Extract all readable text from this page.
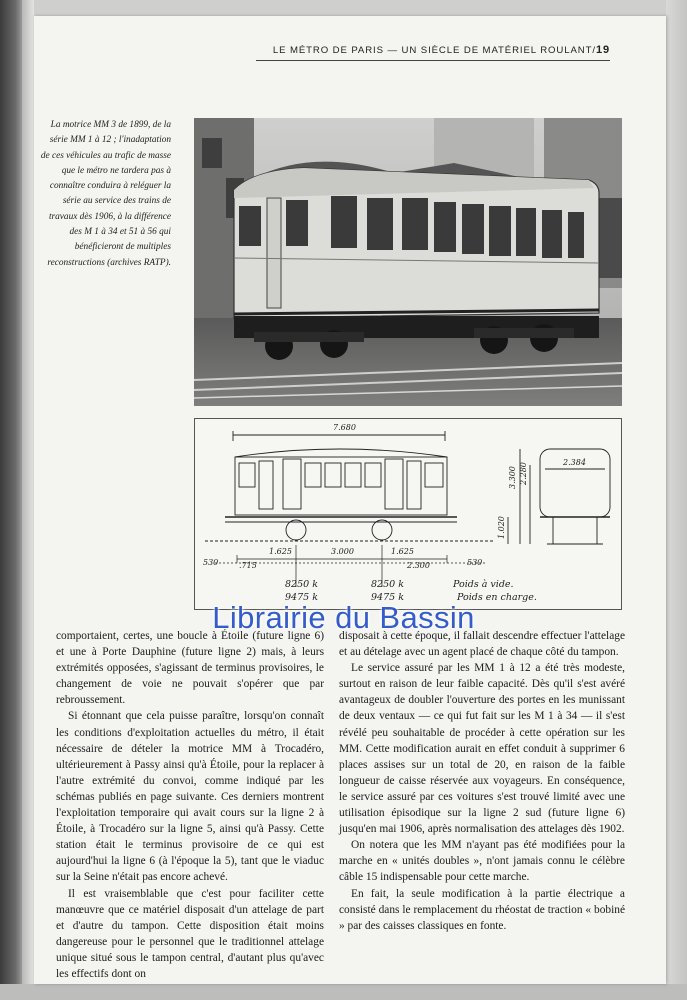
LE MÉTRO DE PARIS — UN SIÈCLE DE MATÉRIEL ROULANT/19
La motrice MM 3 de 1899, de la série MM 1 à 12 ; l'inadaptation de ces véhicules au trafic de masse que le métro ne tardera pas à connaître conduira à reléguer la série au service des trains de travaux dès 1906, à la différence des M 1 à 34 et 51 à 56 qui bénéficieront de multiples reconstructions (archives RATP).
7.680
2.384
3.300 2.280
1.020
530	530
1.625	3.000	1.625
.715	2.300
8250 k
9475 k
8250 k
9475 k
Poids à vide.
Poids en charge.

comportaient, certes, une boucle à Étoile (future ligne 6) et une à Porte Dauphine (future ligne 2) mais, à leurs extrémités opposées, s'agissant de terminus provisoires, le changement de voie ne pouvait s'opérer que par rebroussement.

Si étonnant que cela puisse paraître, lorsqu'on connaît les conditions d'exploitation actuelles du métro, il était nécessaire de dételer la motrice MM à Trocadéro, ultérieurement à Passy ainsi qu'à Étoile, pour la replacer à l'autre extrémité du convoi, comme indiqué par les schémas publiés en page suivante. Ces derniers montrent l'exploitation temporaire qui avait cours sur la ligne 2 à Étoile, à Trocadéro sur la ligne 5, ainsi qu'à Passy. Cette station était le terminus provisoire de ce qui est aujourd'hui la ligne 6 (à l'époque la 5), tant que le viaduc sur la Seine n'était pas encore achevé.

Il est vraisemblable que c'est pour faciliter cette manœuvre que ce matériel disposait d'un attelage de part et d'autre du tampon. Cette disposition était moins dangereuse pour le personnel que le traditionnel attelage unique situé sous le tampon central, d'autant plus qu'avec les effectifs dont on

disposait à cette époque, il fallait descendre effectuer l'attelage et au dételage avec un agent placé de chaque côté du tampon.

Le service assuré par les MM 1 à 12 a été très modeste, surtout en raison de leur faible capacité. Dès qu'il s'est avéré avantageux de doubler l'ouverture des portes en les munissant de deux ventaux — ce qui fut fait sur les M 1 à 34 — il s'est révélé peu souhaitable de procéder à cette opération sur les MM. Cette modification aurait en effet conduit à supprimer 6 places assises sur un total de 20, en raison de la faible longueur de caisse réservée aux voyageurs. En conséquence, le service assuré par ces voitures s'est trouvé limité avec une utilisation épisodique sur la ligne 2 sud (future ligne 6) jusqu'en mai 1906, après normalisation des attelages dès 1902.

On notera que les MM n'ayant pas été modifiées pour la marche en « unités doubles », n'ont jamais connu le célèbre câble 15 indispensable pour cette marche.

En fait, la seule modification à la partie électrique a consisté dans le remplacement du rhéostat de traction « bobiné » par des caisses classiques en fonte.

Librairie du Bassin
